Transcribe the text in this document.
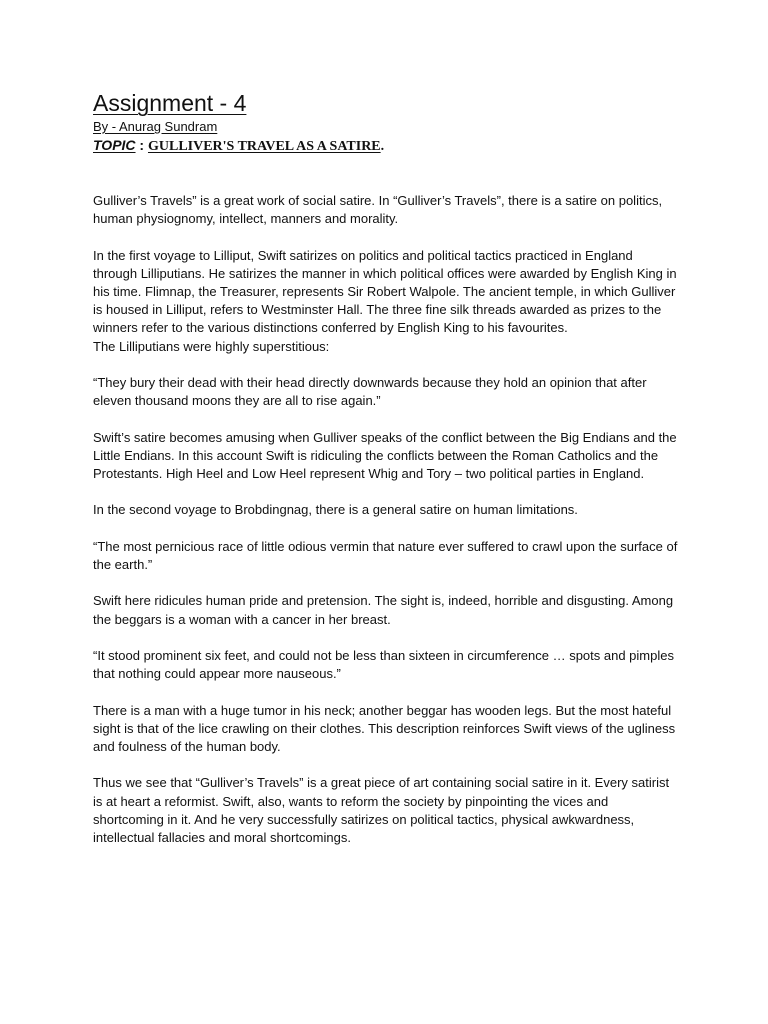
Assignment - 4
By - Anurag Sundram
TOPIC : GULLIVER'S TRAVEL AS A SATIRE.

Gulliver’s Travels” is a great work of social satire. In “Gulliver’s Travels”, there is a satire on politics, human physiognomy, intellect, manners and morality.

In the first voyage to Lilliput, Swift satirizes on politics and political tactics practiced in England through Lilliputians. He satirizes the manner in which political offices were awarded by English King in his time. Flimnap, the Treasurer, represents Sir Robert Walpole. The ancient temple, in which Gulliver is housed in Lilliput, refers to Westminster Hall. The three fine silk threads awarded as prizes to the winners refer to the various distinctions conferred by English King to his favourites.

The Lilliputians were highly superstitious:

“They bury their dead with their head directly downwards because they hold an opinion that after eleven thousand moons they are all to rise again.”

Swift’s satire becomes amusing when Gulliver speaks of the conflict between the Big Endians and the Little Endians. In this account Swift is ridiculing the conflicts between the Roman Catholics and the Protestants. High Heel and Low Heel represent Whig and Tory – two political parties in England.

In the second voyage to Brobdingnag, there is a general satire on human limitations.

“The most pernicious race of little odious vermin that nature ever suffered to crawl upon the surface of the earth.”

Swift here ridicules human pride and pretension. The sight is, indeed, horrible and disgusting. Among the beggars is a woman with a cancer in her breast.

“It stood prominent six feet, and could not be less than sixteen in circumference … spots and pimples that nothing could appear more nauseous.”

There is a man with a huge tumor in his neck; another beggar has wooden legs. But the most hateful sight is that of the lice crawling on their clothes. This description reinforces Swift views of the ugliness and foulness of the human body.

Thus we see that “Gulliver’s Travels” is a great piece of art containing social satire in it. Every satirist is at heart a reformist. Swift, also, wants to reform the society by pinpointing the vices and shortcoming in it. And he very successfully satirizes on political tactics, physical awkwardness, intellectual fallacies and moral shortcomings.
